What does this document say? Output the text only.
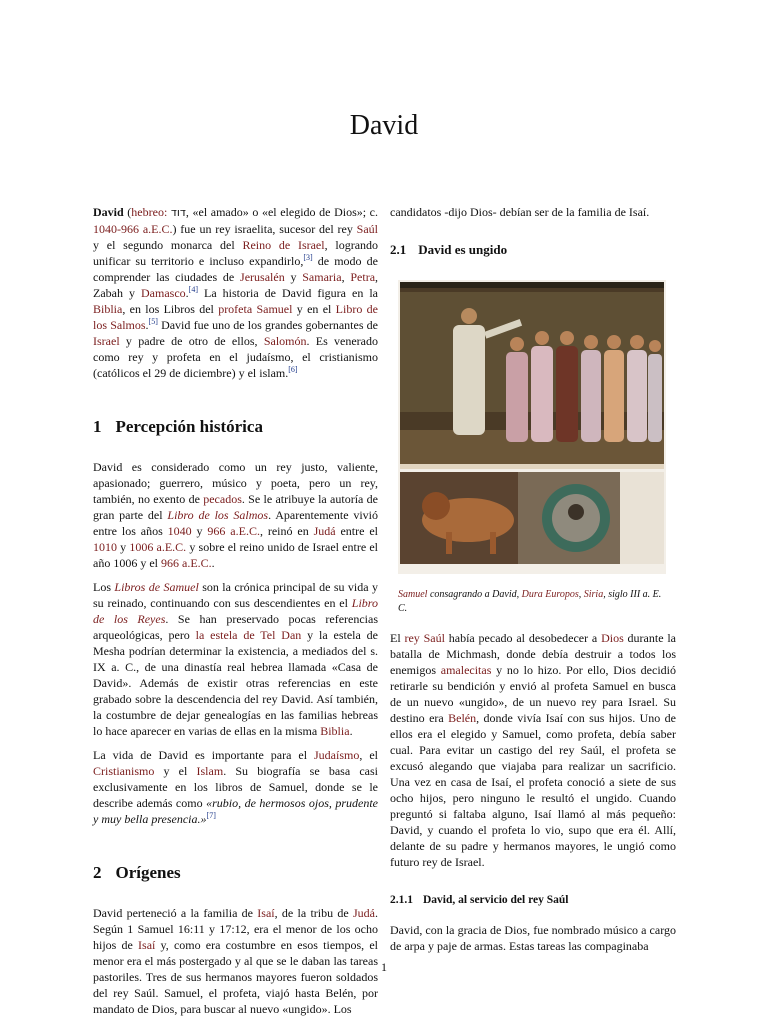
David

David (hebreo: דוד, «el amado» o «el elegido de Dios»; c. 1040-966 a.E.C.) fue un rey israelita, sucesor del rey Saúl y el segundo monarca del Reino de Israel, logrando unificar su territorio e incluso expandirlo,[3] de modo de comprender las ciudades de Jerusalén y Samaria, Petra, Zabah y Damasco.[4] La historia de David figura en la Biblia, en los Libros del profeta Samuel y en el Libro de los Salmos.[5] David fue uno de los grandes gobernantes de Israel y padre de otro de ellos, Salomón. Es venerado como rey y profeta en el judaísmo, el cristianismo (católicos el 29 de diciembre) y el islam.[6]

1 Percepción histórica

David es considerado como un rey justo, valiente, apasionado; guerrero, músico y poeta, pero un rey, también, no exento de pecados. Se le atribuye la autoría de gran parte del Libro de los Salmos. Aparentemente vivió entre los años 1040 y 966 a.E.C., reinó en Judá entre el 1010 y 1006 a.E.C. y sobre el reino unido de Israel entre el año 1006 y el 966 a.E.C..

Los Libros de Samuel son la crónica principal de su vida y su reinado, continuando con sus descendientes en el Libro de los Reyes. Se han preservado pocas referencias arqueológicas, pero la estela de Tel Dan y la estela de Mesha podrían determinar la existencia, a mediados del s. IX a. C., de una dinastía real hebrea llamada «Casa de David». Además de existir otras referencias en este grabado sobre la descendencia del rey David. Así también, la costumbre de dejar genealogías en las familias hebreas lo hace aparecer en varias de ellas en la misma Biblia.

La vida de David es importante para el Judaísmo, el Cristianismo y el Islam. Su biografía se basa casi exclusivamente en los libros de Samuel, donde se le describe además como «rubio, de hermosos ojos, prudente y muy bella presencia.»[7]

2 Orígenes

David perteneció a la familia de Isaí, de la tribu de Judá. Según 1 Samuel 16:11 y 17:12, era el menor de los ocho hijos de Isaí y, como era costumbre en esos tiempos, el menor era el más postergado y al que se le daban las tareas pastoriles. Tres de sus hermanos mayores fueron soldados del rey Saúl. Samuel, el profeta, viajó hasta Belén, por mandato de Dios, para buscar al nuevo «ungido». Los

candidatos -dijo Dios- debían ser de la familia de Isaí.

2.1 David es ungido
Samuel consagrando a David, Dura Europos, Siria, siglo III a. E. C.

El rey Saúl había pecado al desobedecer a Dios durante la batalla de Michmash, donde debía destruir a todos los enemigos amalecitas y no lo hizo. Por ello, Dios decidió retirarle su bendición y envió al profeta Samuel en busca de un nuevo «ungido», de un nuevo rey para Israel. Su destino era Belén, donde vivía Isaí con sus hijos. Uno de ellos era el elegido y Samuel, como profeta, debía saber cual. Para evitar un castigo del rey Saúl, el profeta se excusó alegando que viajaba para realizar un sacrificio. Una vez en casa de Isaí, el profeta conoció a siete de sus ocho hijos, pero ninguno le resultó el ungido. Cuando preguntó si faltaba alguno, Isaí llamó al más pequeño: David, y cuando el profeta lo vio, supo que era él. Allí, delante de su padre y hermanos mayores, le ungió como futuro rey de Israel.

2.1.1 David, al servicio del rey Saúl

David, con la gracia de Dios, fue nombrado músico a cargo de arpa y paje de armas. Estas tareas las compaginaba

1
